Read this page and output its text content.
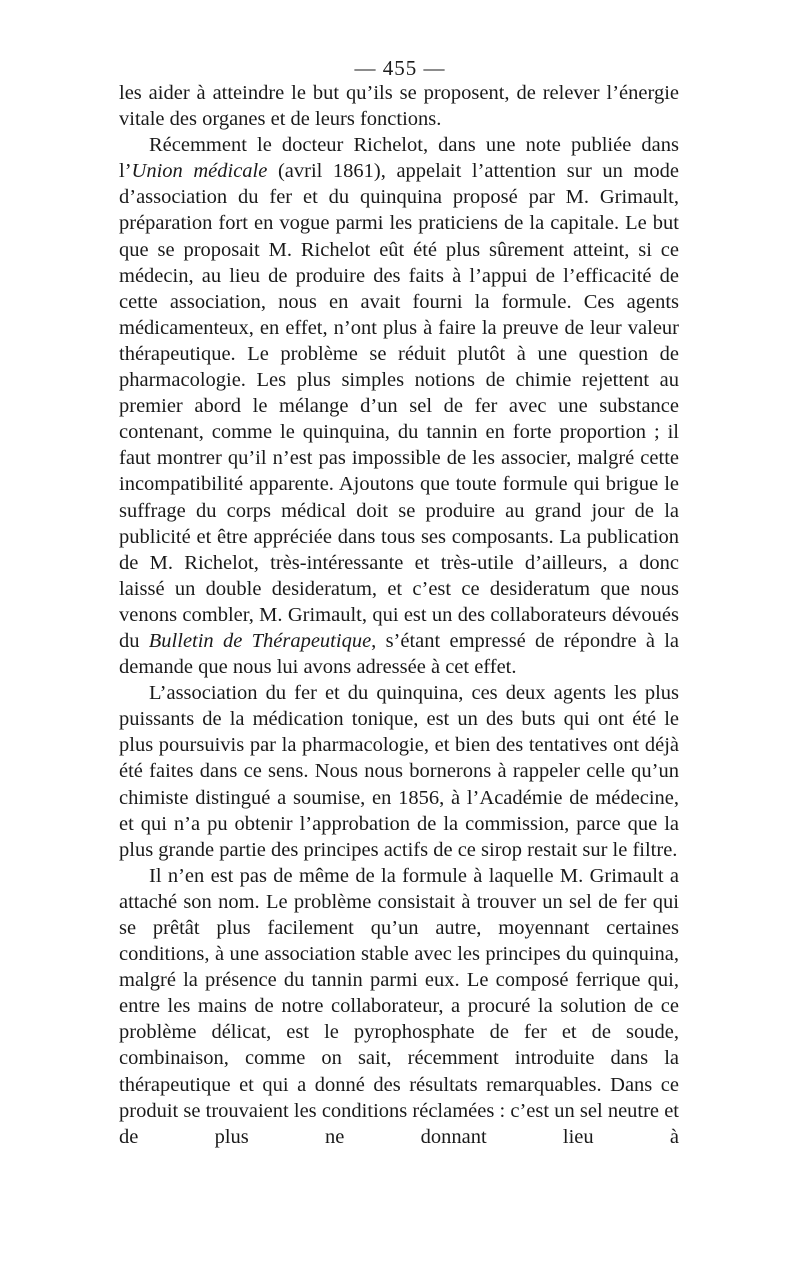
— 455 —

les aider à atteindre le but qu’ils se proposent, de relever l’énergie vitale des organes et de leurs fonctions.

Récemment le docteur Richelot, dans une note publiée dans l’Union médicale (avril 1861), appelait l’attention sur un mode d’association du fer et du quinquina proposé par M. Grimault, préparation fort en vogue parmi les praticiens de la capitale. Le but que se proposait M. Richelot eût été plus sûrement atteint, si ce médecin, au lieu de produire des faits à l’appui de l’efficacité de cette association, nous en avait fourni la formule. Ces agents médicamenteux, en effet, n’ont plus à faire la preuve de leur valeur thérapeutique. Le problème se réduit plutôt à une question de pharmacologie. Les plus simples notions de chimie rejettent au premier abord le mélange d’un sel de fer avec une substance contenant, comme le quinquina, du tannin en forte proportion ; il faut montrer qu’il n’est pas impossible de les associer, malgré cette incompatibilité apparente. Ajoutons que toute formule qui brigue le suffrage du corps médical doit se produire au grand jour de la publicité et être appréciée dans tous ses composants. La publication de M. Richelot, très-intéressante et très-utile d’ailleurs, a donc laissé un double desideratum, et c’est ce desideratum que nous venons combler, M. Grimault, qui est un des collaborateurs dévoués du Bulletin de Thérapeutique, s’étant empressé de répondre à la demande que nous lui avons adressée à cet effet.

L’association du fer et du quinquina, ces deux agents les plus puissants de la médication tonique, est un des buts qui ont été le plus poursuivis par la pharmacologie, et bien des tentatives ont déjà été faites dans ce sens. Nous nous bornerons à rappeler celle qu’un chimiste distingué a soumise, en 1856, à l’Académie de médecine, et qui n’a pu obtenir l’approbation de la commission, parce que la plus grande partie des principes actifs de ce sirop restait sur le filtre.

Il n’en est pas de même de la formule à laquelle M. Grimault a attaché son nom. Le problème consistait à trouver un sel de fer qui se prêtât plus facilement qu’un autre, moyennant certaines conditions, à une association stable avec les principes du quinquina, malgré la présence du tannin parmi eux. Le composé ferrique qui, entre les mains de notre collaborateur, a procuré la solution de ce problème délicat, est le pyrophosphate de fer et de soude, combinaison, comme on sait, récemment introduite dans la thérapeutique et qui a donné des résultats remarquables. Dans ce produit se trouvaient les conditions réclamées : c’est un sel neutre et de plus ne donnant lieu à
